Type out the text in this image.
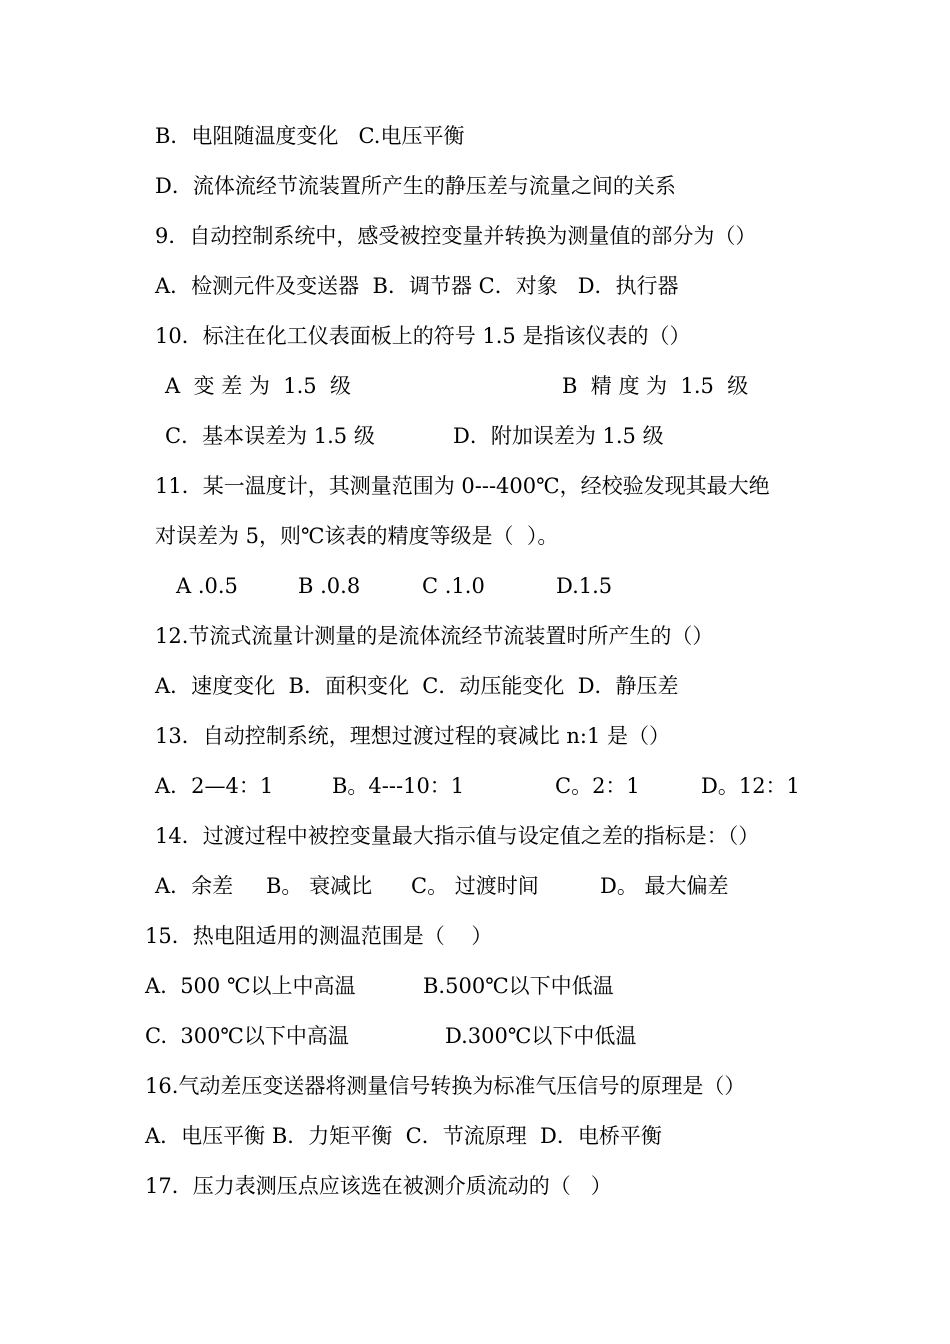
B．电阻随温度变化   C.电压平衡
D．流体流经节流装置所产生的静压差与流量之间的关系
9．自动控制系统中，感受被控变量并转换为测量值的部分为（）
A．检测元件及变送器  B．调节器 C．对象   D．执行器
10．标注在化工仪表面板上的符号 1.5 是指该仪表的（）

A  变 差 为  1.5  级

	B  精 度 为  1.5  级

C．基本误差为 1.5 级

	D．附加误差为 1.5 级

11．某一温度计，其测量范围为 0---400℃，经校验发现其最大绝
对误差为 5，则℃该表的精度等级是（  ）。

A .0.5

	B .0.8

	C .1.0

	D.1.5

12.节流式流量计测量的是流体流经节流装置时所产生的（）
A．速度变化  B．面积变化  C．动压能变化  D．静压差
13．自动控制系统，理想过渡过程的衰减比 n:1 是（）

A．2—4：1

	B。4---10：1

	C。2：1

	D。12：1

14．过渡过程中被控变量最大指示值与设定值之差的指标是：（）

A．余差

B。 衰减比

C。 过渡时间

	D。 最大偏差

15．热电阻适用的测温范围是（    ）

A.  500 ℃以上中高温

	B.500℃以下中低温

C.  300℃以下中高温

	D.300℃以下中低温

16.气动差压变送器将测量信号转换为标准气压信号的原理是（）
A．电压平衡 B．力矩平衡  C．节流原理  D．电桥平衡
17．压力表测压点应该选在被测介质流动的（   ）
